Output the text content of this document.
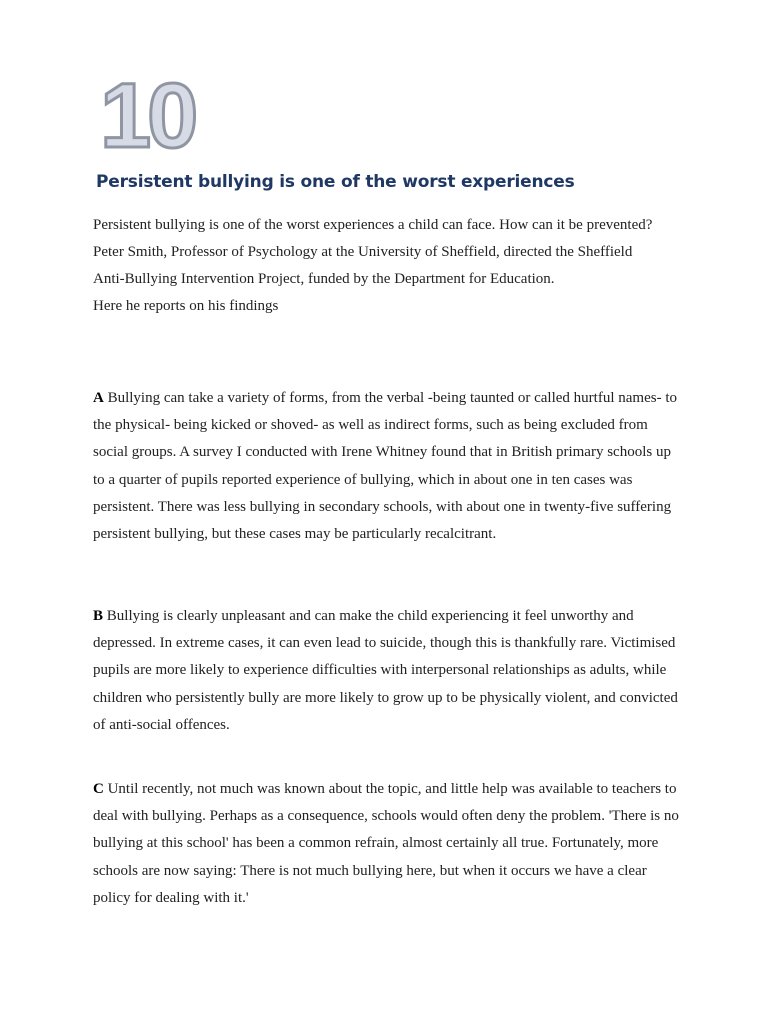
10
Persistent bullying is one of the worst experiences

Persistent bullying is one of the worst experiences a child can face. How can it be prevented?
Peter Smith, Professor of Psychology at the University of Sheffield, directed the Sheffield
Anti-Bullying Intervention Project, funded by the Department for Education.
Here he reports on his findings

A Bullying can take a variety of forms, from the verbal -being taunted or called hurtful names- to the physical- being kicked or shoved- as well as indirect forms, such as being excluded from social groups. A survey I conducted with Irene Whitney found that in British primary schools up to a quarter of pupils reported experience of bullying, which in about one in ten cases was persistent. There was less bullying in secondary schools, with about one in twenty-five suffering persistent bullying, but these cases may be particularly recalcitrant.

B Bullying is clearly unpleasant and can make the child experiencing it feel unworthy and depressed. In extreme cases, it can even lead to suicide, though this is thankfully rare. Victimised pupils are more likely to experience difficulties with interpersonal relationships as adults, while children who persistently bully are more likely to grow up to be physically violent, and convicted of anti-social offences.

C Until recently, not much was known about the topic, and little help was available to teachers to deal with bullying. Perhaps as a consequence, schools would often deny the problem. 'There is no bullying at this school' has been a common refrain, almost certainly all true. Fortunately, more schools are now saying: There is not much bullying here, but when it occurs we have a clear policy for dealing with it.'
